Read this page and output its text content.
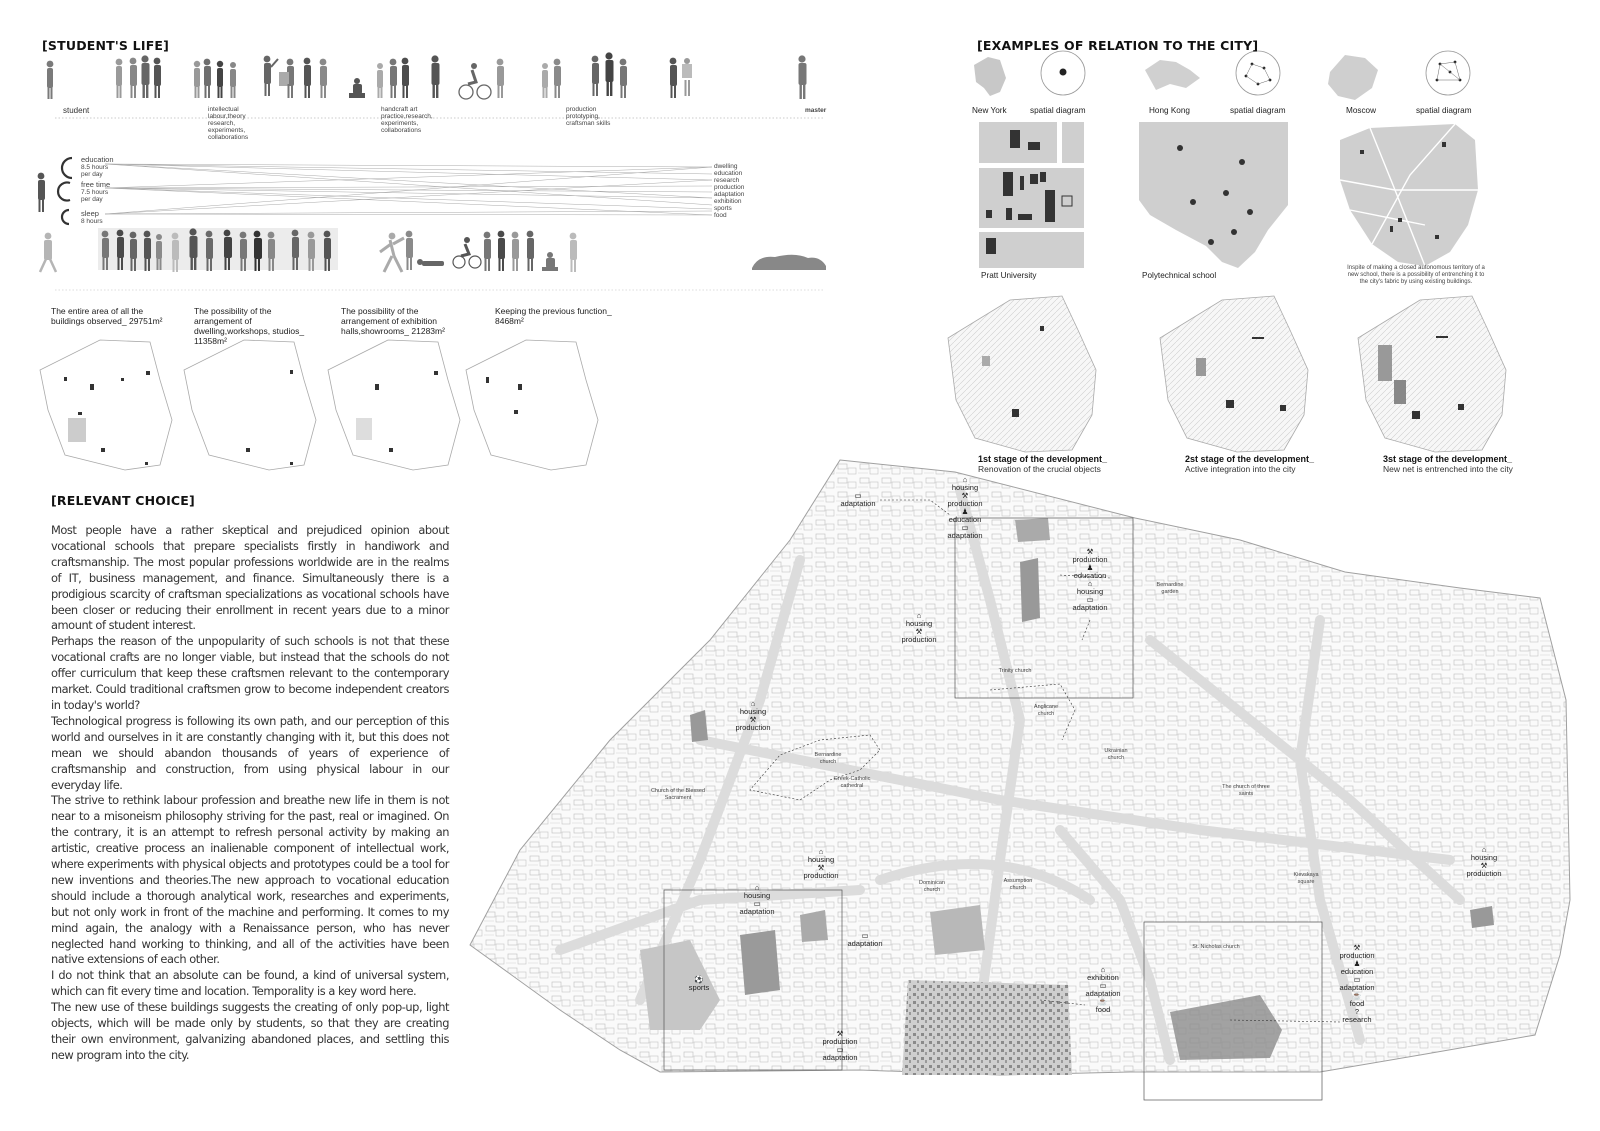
[STUDENT'S LIFE]	[EXAMPLES OF RELATION TO THE CITY]
[RELEVANT CHOICE]
student	master
intellectual labour,theory research, experiments, collaborations
handcraft art practice,research, experiments, collaborations
production prototyping, craftsman skills
education
8.5 hours per day
free time
7.5 hours per day
sleep
8 hours
dwelling
education
research
production
adaptation
exhibition
sports
food
The entire area of all the buildings observed_ 29751m²
The possibility of the arrangement of dwelling,workshops, studios_ 11358m²
The possibility of the arrangement of exhibition halls,showrooms_ 21283m²
Keeping the previous function_ 8468m²

Most people have a rather skeptical and prejudiced opinion about vocational schools that prepare specialists firstly in handiwork and craftsmanship. The most popular professions worldwide are in the realms of IT, business management, and finance. Simultaneously there is a prodigious scarcity of craftsman specializations as vocational schools have been closer or reducing their enrollment in recent years due to a minor amount of student interest.

Perhaps the reason of the unpopularity of such schools is not that these vocational crafts are no longer viable, but instead that the schools do not offer curriculum that keep these craftsmen relevant to the contemporary market. Could traditional craftsmen grow to become independent creators in today's world?

Technological progress is following its own path, and our perception of this world and ourselves in it are constantly changing with it, but this does not mean we should abandon thousands of years of experience of craftsmanship and construction, from using physical labour in our everyday life.

The strive to rethink labour profession and breathe new life in them is not near to a misoneism philosophy striving for the past, real or imagined. On the contrary, it is an attempt to refresh personal activity by making an artistic, creative process an inalienable component of intellectual work, where experiments with physical objects and prototypes could be a tool for new inventions and theories.The new approach to vocational education should include a thorough analytical work, researches and experiments, but not only work in front of the machine and performing. It comes to my mind again, the analogy with a Renaissance person, who has never neglected hand working to thinking, and all of the activities have been native extensions of each other.

I do not think that an absolute can be found, a kind of universal system, which can fit every time and location. Temporality is a key word here.

The new use of these buildings suggests the creating of only pop-up, light objects, which will be made only by students, so that they are creating their own environment, galvanizing abandoned places, and settling this new program into the city.

New York	spatial diagram	Hong Kong	spatial diagram	Moscow	spatial diagram
Pratt University	Polytechnical school
Inspite of making a closed autonomous territory of a new school, there is a possibility of entrenching it to the city's fabric by using existing buildings.
1st stage of the development_
Renovation of the crucial objects
2st stage of the development_
Active integration into the city
3st stage of the development_
New net is entrenched into the city
▭
adaptation
⌂
housing
⚒
production
♟
education
▭
adaptation
⚒
production
♟
education
⌂
housing
▭
adaptation
⌂
housing
⚒
production
⌂
housing
⚒
production
⌂
housing
⚒
production
⌂
housing
▭
adaptation
▭
adaptation
⚽
sports
⚒
production
▭
adaptation
⌂
exhibition
▭
adaptation
☕
food
⚒
production
♟
education
▭
adaptation
☕
food
?
research
⌂
housing
⚒
production
Trinity church
Anglicane church
Greek-Catholic cathedral
Dominican church
Assumption church
Bernardine church
Church of the Blessed Sacrament
St. Nicholas church
The church of three saints
Ukrainian church
Kievskaya square
Bernardine garden
